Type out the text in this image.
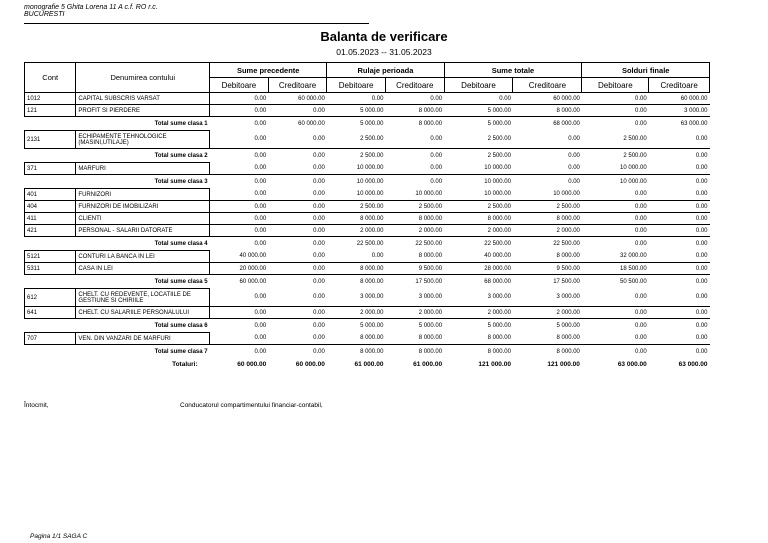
monografie 5 Ghita Lorena 11 A c.f. RO r.c.
BUCURESTI
Balanta de verificare
01.05.2023 -- 31.05.2023
Cont	Denumirea contului	Sume precedente		Rulaje perioada		Sume totale		Solduri finale	
		Debitoare	Creditoare	Debitoare	Creditoare	Debitoare	Creditoare	Debitoare	Creditoare
1012	CAPITAL SUBSCRIS VARSAT	0.00	60 000.00	0.00	0.00	0.00	60 000.00	0.00	60 000.00
121	PROFIT SI PIERDERE	0.00	0.00	5 000.00	8 000.00	5 000.00	8 000.00	0.00	3 000.00
Total sume clasa 1		0.00	60 000.00	5 000.00	8 000.00	5 000.00	68 000.00	0.00	63 000.00
2131	ECHIPAMENTE TEHNOLOGICE (MASINI,UTILAJE)	0.00	0.00	2 500.00	0.00	2 500.00	0.00	2 500.00	0.00
Total sume clasa 2		0.00	0.00	2 500.00	0.00	2 500.00	0.00	2 500.00	0.00
371	MARFURI	0.00	0.00	10 000.00	0.00	10 000.00	0.00	10 000.00	0.00
Total sume clasa 3		0.00	0.00	10 000.00	0.00	10 000.00	0.00	10 000.00	0.00
401	FURNIZORI	0.00	0.00	10 000.00	10 000.00	10 000.00	10 000.00	0.00	0.00
404	FURNIZORI DE IMOBILIZARI	0.00	0.00	2 500.00	2 500.00	2 500.00	2 500.00	0.00	0.00
411	CLIENTI	0.00	0.00	8 000.00	8 000.00	8 000.00	8 000.00	0.00	0.00
421	PERSONAL - SALARII DATORATE	0.00	0.00	2 000.00	2 000.00	2 000.00	2 000.00	0.00	0.00
Total sume clasa 4		0.00	0.00	22 500.00	22 500.00	22 500.00	22 500.00	0.00	0.00
5121	CONTURI LA BANCA IN LEI	40 000.00	0.00	0.00	8 000.00	40 000.00	8 000.00	32 000.00	0.00
5311	CASA IN LEI	20 000.00	0.00	8 000.00	9 500.00	28 000.00	9 500.00	18 500.00	0.00
Total sume clasa 5		60 000.00	0.00	8 000.00	17 500.00	68 000.00	17 500.00	50 500.00	0.00
612	CHELT. CU REDEVENTE, LOCATIILE DE GESTIUNE SI CHIRIILE	0.00	0.00	3 000.00	3 000.00	3 000.00	3 000.00	0.00	0.00
641	CHELT. CU SALARIILE PERSONALULUI	0.00	0.00	2 000.00	2 000.00	2 000.00	2 000.00	0.00	0.00
Total sume clasa 6		0.00	0.00	5 000.00	5 000.00	5 000.00	5 000.00	0.00	0.00
707	VEN. DIN VANZARI DE MARFURI	0.00	0.00	8 000.00	8 000.00	8 000.00	8 000.00	0.00	0.00
Total sume clasa 7		0.00	0.00	8 000.00	8 000.00	8 000.00	8 000.00	0.00	0.00
Totaluri:		60 000.00	60 000.00	61 000.00	61 000.00	121 000.00	121 000.00	63 000.00	63 000.00
Întocmit,	Conducatorul compartimentului financiar-contabil,
Pagina 1/1 SAGA C
